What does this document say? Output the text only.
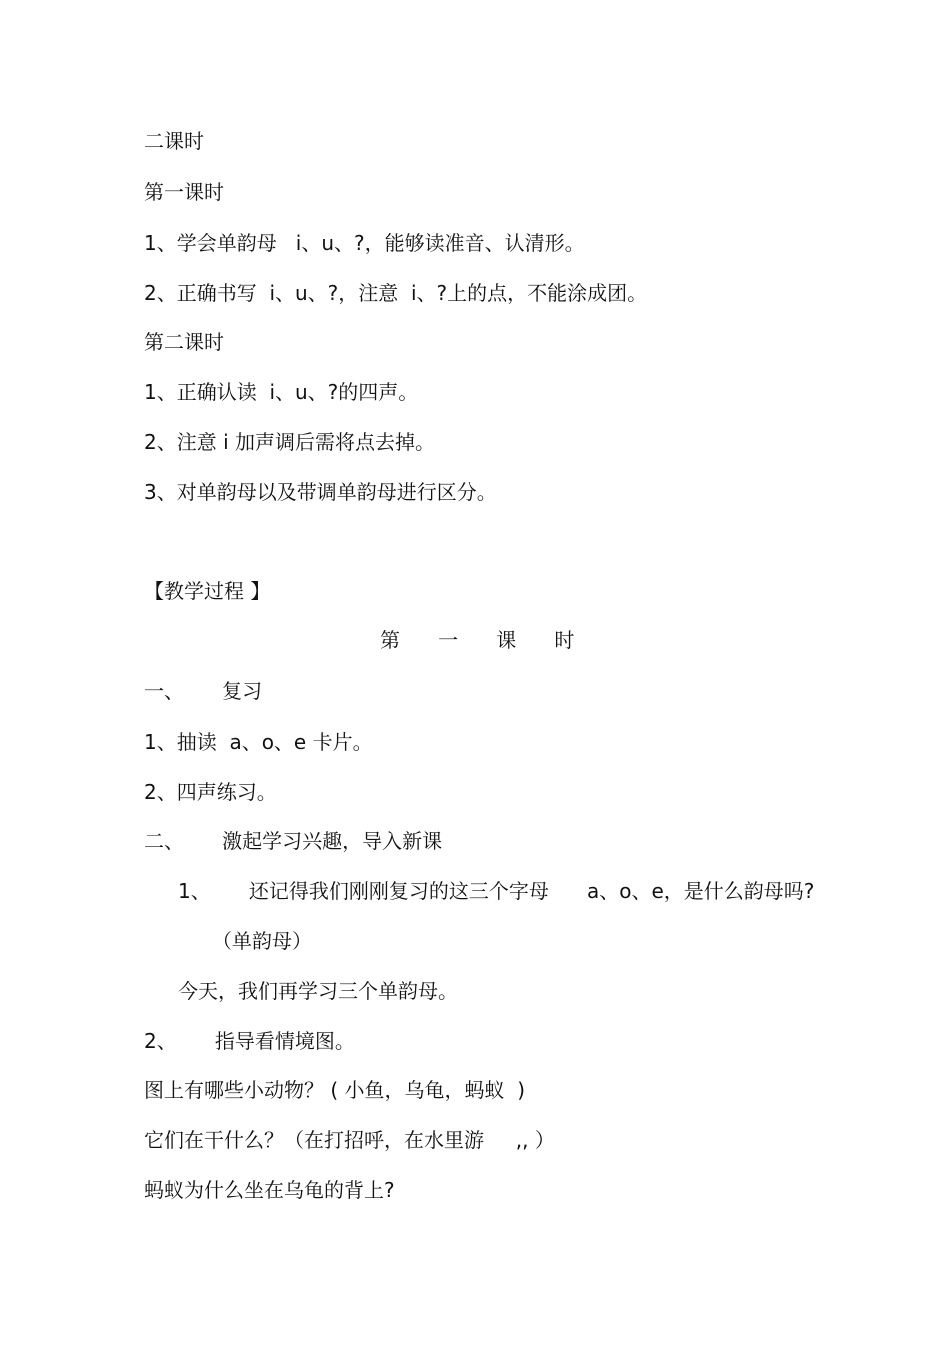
二课时
第一课时
1、学会单韵母   i、u、?，能够读准音、认清形。
2、正确书写  i、u、?，注意  i、?上的点，不能涂成团。
第二课时
1、正确认读  i、u、?的四声。
2、注意 i 加声调后需将点去掉。
3、对单韵母以及带调单韵母进行区分。
【教学过程 】
第      一      课      时
一、      复习
1、抽读  a、o、e 卡片。
2、四声练习。
二、      激起学习兴趣，导入新课
1、      还记得我们刚刚复习的这三个字母      a、o、e，是什么韵母吗?
（单韵母）
今天，我们再学习三个单韵母。
2、      指导看情境图。
图上有哪些小动物？ ( 小鱼，乌龟，蚂蚁  )
它们在干什么？（在打招呼，在水里游     ,, ）
蚂蚁为什么坐在乌龟的背上?
